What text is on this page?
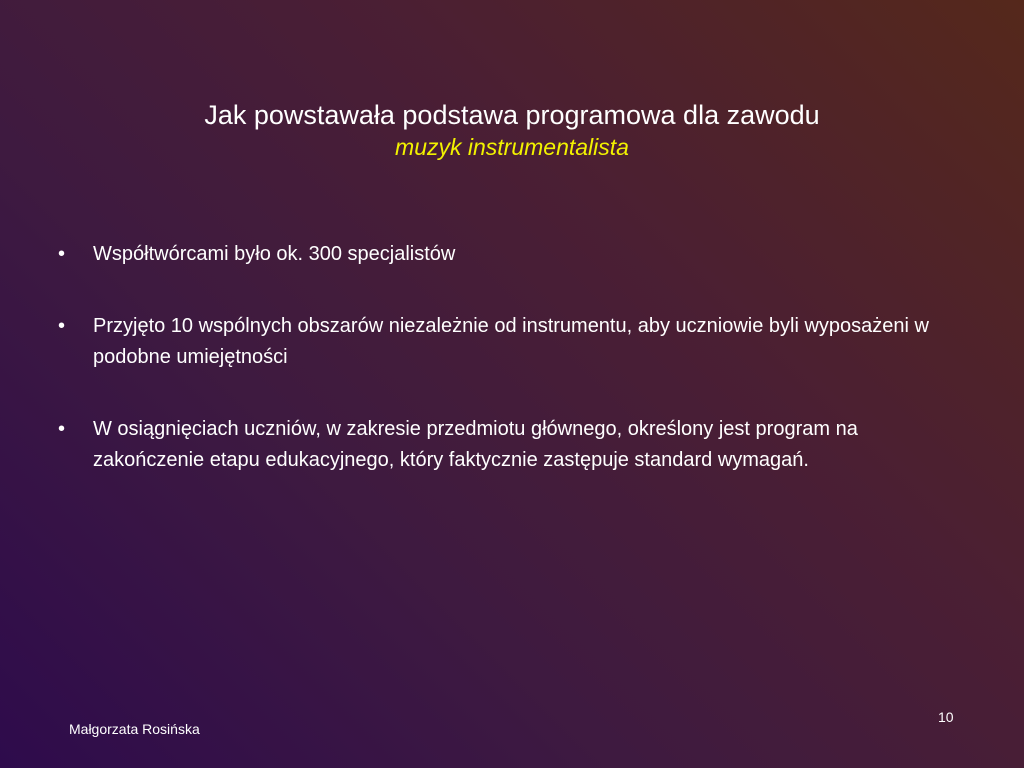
Jak powstawała podstawa programowa dla zawodu
muzyk instrumentalista
•	Współtwórcami było ok. 300 specjalistów
•	Przyjęto 10 wspólnych obszarów niezależnie od instrumentu, aby uczniowie byli wyposażeni w podobne umiejętności
•	W osiągnięciach uczniów, w zakresie przedmiotu głównego, określony jest program na zakończenie etapu edukacyjnego, który faktycznie zastępuje standard wymagań.
Małgorzata Rosińska
10
